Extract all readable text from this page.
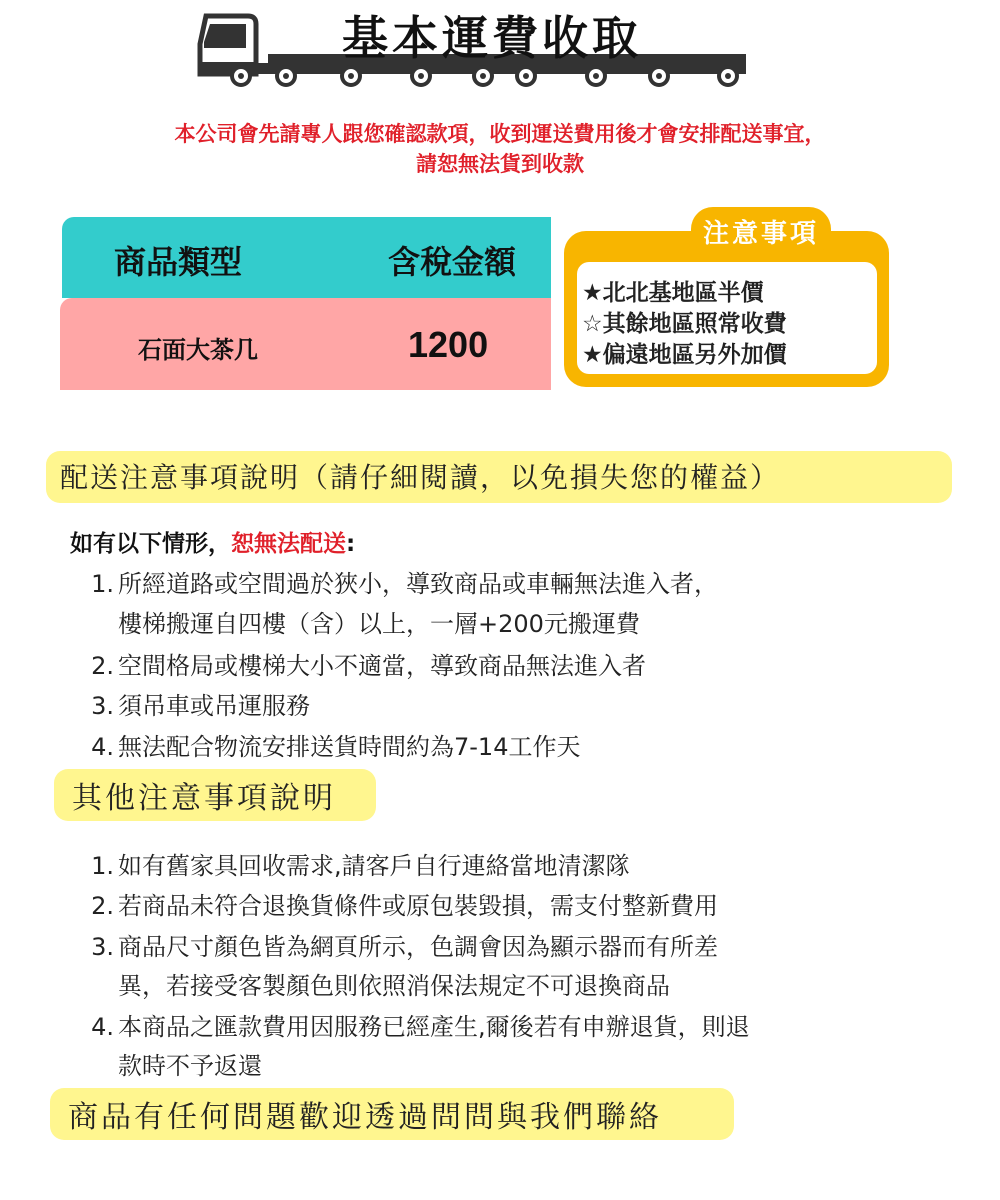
基本運費收取
本公司會先請專人跟您確認款項，收到運送費用後才會安排配送事宜，
請恕無法貨到收款
商品類型	含稅金額
石面大茶几	1200
注意事項
★北北基地區半價
☆其餘地區照常收費
★偏遠地區另外加價
配送注意事項說明（請仔細閱讀，以免損失您的權益）
如有以下情形，恕無法配送:
1. 所經道路或空間過於狹小，導致商品或車輛無法進入者，
樓梯搬運自四樓（含）以上，一層+200元搬運費
2. 空間格局或樓梯大小不適當，導致商品無法進入者
3. 須吊車或吊運服務
4. 無法配合物流安排送貨時間約為7-14工作天
其他注意事項說明
1. 如有舊家具回收需求,請客戶自行連絡當地清潔隊
2. 若商品未符合退換貨條件或原包裝毀損，需支付整新費用
3. 商品尺寸顏色皆為網頁所示，色調會因為顯示器而有所差
異，若接受客製顏色則依照消保法規定不可退換商品
4. 本商品之匯款費用因服務已經產生,爾後若有申辦退貨，則退
款時不予返還
商品有任何問題歡迎透過問問與我們聯絡
